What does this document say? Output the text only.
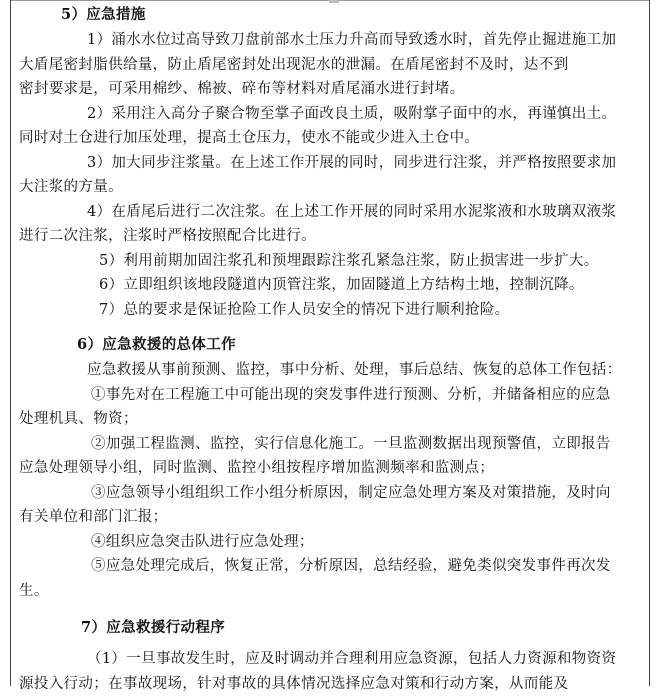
5）应急措施
1）涌水水位过高导致刀盘前部水土压力升高而导致透水时，首先停止掘进施工加
大盾尾密封脂供给量，防止盾尾密封处出现泥水的泄漏。在盾尾密封不及时，达不到
密封要求是，可采用棉纱、棉被、碎布等材料对盾尾涌水进行封堵。
2）采用注入高分子聚合物至掌子面改良土质，吸附掌子面中的水，再谨慎出土。
同时对土仓进行加压处理，提高土仓压力，使水不能或少进入土仓中。
3）加大同步注浆量。在上述工作开展的同时，同步进行注浆，并严格按照要求加
大注浆的方量。
4）在盾尾后进行二次注浆。在上述工作开展的同时采用水泥浆液和水玻璃双液浆
进行二次注浆，注浆时严格按照配合比进行。
5）利用前期加固注浆孔和预埋跟踪注浆孔紧急注浆，防止损害进一步扩大。
6）立即组织该地段隧道内顶管注浆，加固隧道上方结构土地，控制沉降。
7）总的要求是保证抢险工作人员安全的情况下进行顺利抢险。
6）应急救援的总体工作
应急救援从事前预测、监控，事中分析、处理，事后总结、恢复的总体工作包括：
①事先对在工程施工中可能出现的突发事件进行预测、分析，并储备相应的应急
处理机具、物资；
②加强工程监测、监控，实行信息化施工。一旦监测数据出现预警值，立即报告
应急处理领导小组，同时监测、监控小组按程序增加监测频率和监测点；
③应急领导小组组织工作小组分析原因，制定应急处理方案及对策措施，及时向
有关单位和部门汇报；
④组织应急突击队进行应急处理；
⑤应急处理完成后，恢复正常，分析原因，总结经验，避免类似突发事件再次发
生。
7）应急救援行动程序
（1）一旦事故发生时，应及时调动并合理利用应急资源，包括人力资源和物资资
源投入行动；在事故现场，针对事故的具体情况选择应急对策和行动方案，从而能及
